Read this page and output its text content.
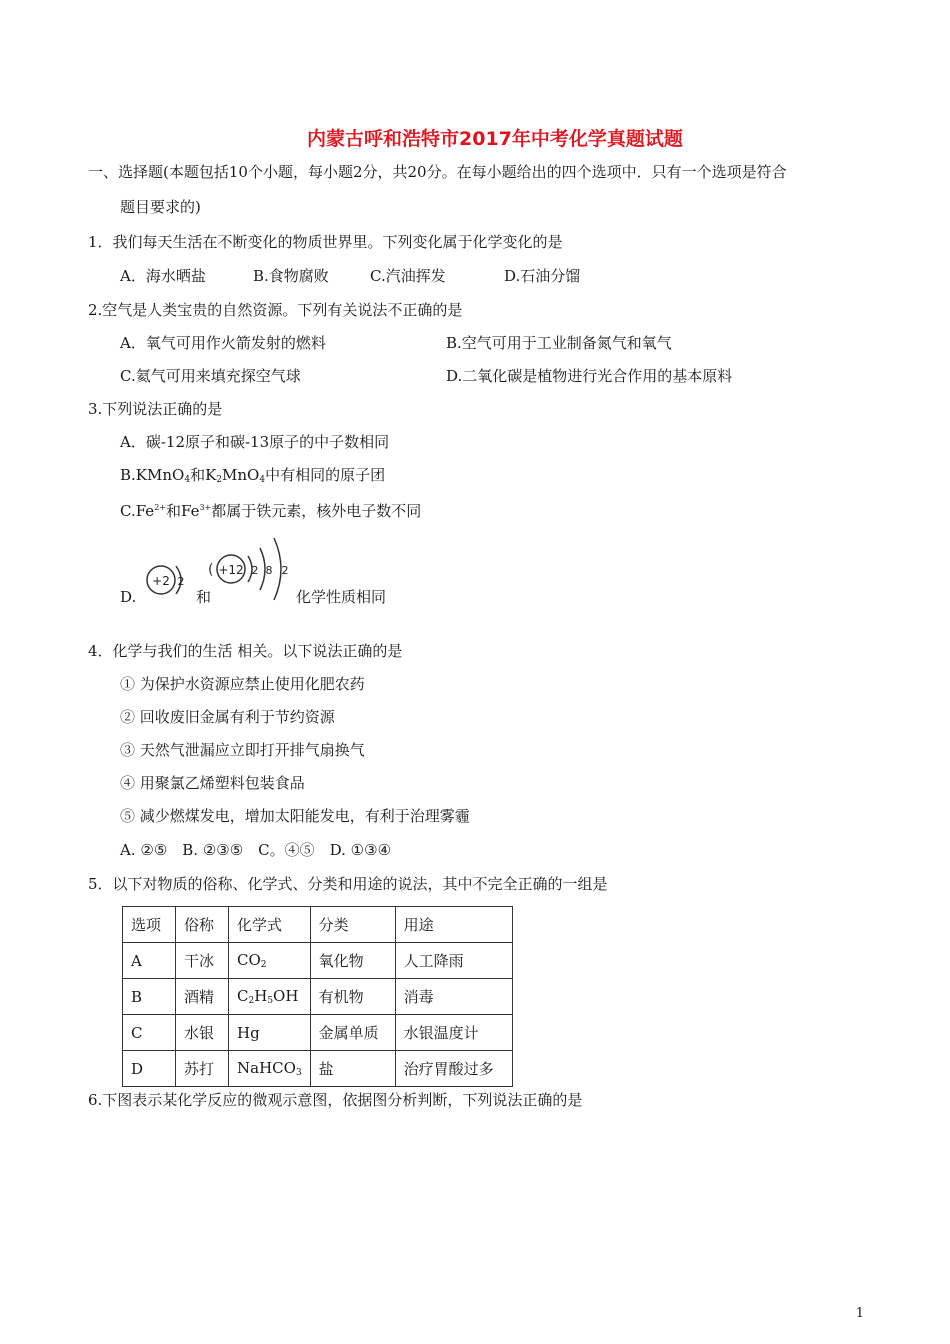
内蒙古呼和浩特市2017年中考化学真题试题
一、选择题(本题包括10个小题，每小题2分，共20分。在每小题给出的四个选项中．只有一个选项是符合
题目要求的)
1．我们每天生活在不断变化的物质世界里。下列变化属于化学变化的是
A．海水晒盐	B.食物腐败	C.汽油挥发	D.石油分馏
2.空气是人类宝贵的自然资源。下列有关说法不正确的是
A．氧气可用作火箭发射的燃料	B.空气可用于工业制备氮气和氧气
C.氦气可用来填充探空气球	D.二氧化碳是植物进行光合作用的基本原料
3.下列说法正确的是
A．碳-12原子和碳-13原子的中子数相同
B.KMnO$_4$和$K_2MnO_4$中有相同的原子团
$C.Fe^{2+}$和$Fe^{3+}$都属于铁元素，核外电子数不同
D.
+2 2
和
( +12 2 8 2
化学性质相同
4．化学与我们的生活 相关。以下说法正确的是
① 为保护水资源应禁止使用化肥农药
② 回收废旧金属有利于节约资源
③ 天然气泄漏应立即打开排气扇换气
④ 用聚氯乙烯塑料包装食品
⑤ 减少燃煤发电，增加太阳能发电，有利于治理雾霾
A. ②⑤　B. ②③⑤　C。④⑤　D. ①③④
5．以下对物质的俗称、化学式、分类和用途的说法，其中不完全正确的一组是
选项	俗称	化学式	分类	用途
A	干冰	$CO_2$	氧化物	人工降雨
B	酒精	$C_2H_5OH$	有机物	消毒
C	水银	Hg	金属单质	水银温度计
D	苏打	NaHCO$_3$	盐	治疗胃酸过多
6.下图表示某化学反应的微观示意图，依据图分析判断，下列说法正确的是
1
